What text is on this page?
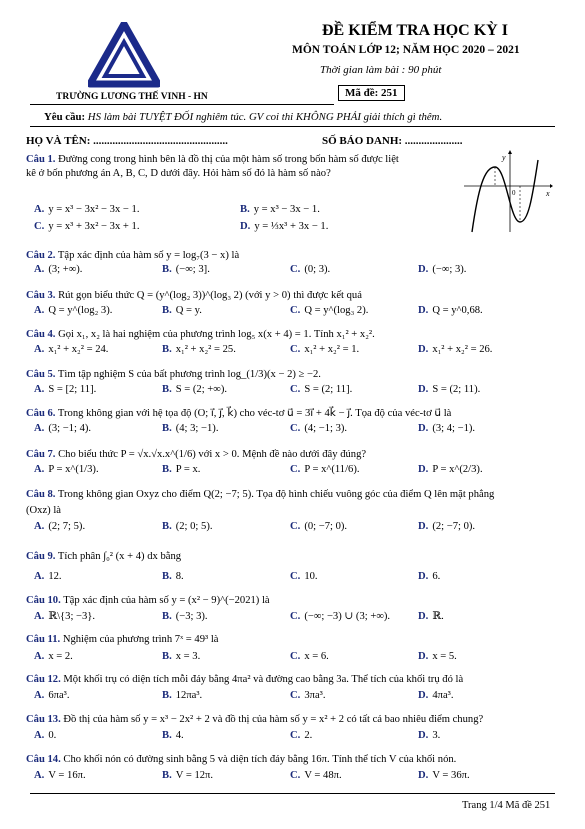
ĐỀ KIỂM TRA HỌC KỲ I
MÔN TOÁN LỚP 12; NĂM HỌC 2020 – 2021
Thời gian làm bài : 90 phút
TRƯỜNG LƯƠNG THẾ VINH - HN	Mã đề: 251
Yêu cầu: HS làm bài TUYỆT ĐỐI nghiêm túc. GV coi thi KHÔNG PHẢI giải thích gì thêm.
HỌ VÀ TÊN: .................................................	SỐ BÁO DANH: .....................
y
x
0
Câu 1. Đường cong trong hình bên là đồ thị của một hàm số trong bốn hàm số được liệt
kê ở bốn phương án A, B, C, D dưới đây. Hỏi hàm số đó là hàm số nào?
A. y = x³ − 3x² − 3x − 1.	B. y = x³ − 3x − 1.
C. y = x³ + 3x² − 3x + 1.	D. y = ⅓x³ + 3x − 1.
Câu 2. Tập xác định của hàm số y = log₇(3 − x) là
A. (3; +∞).	B. (−∞; 3].	C. (0; 3).	D. (−∞; 3).
Câu 3. Rút gọn biểu thức Q = (y^(log₂ 3))^(log₃ 2) (với y > 0) thì được kết quả
A. Q = y^(log₂ 3).	B. Q = y.	C. Q = y^(log₃ 2).	D. Q = y^0,68.
Câu 4. Gọi x₁, x₂ là hai nghiệm của phương trình log₅ x(x + 4) = 1. Tính x₁² + x₂².
A. x₁² + x₂² = 24.	B. x₁² + x₂² = 25.	C. x₁² + x₂² = 1.	D. x₁² + x₂² = 26.
Câu 5. Tìm tập nghiệm S của bất phương trình log_(1/3)(x − 2) ≥ −2.
A. S = [2; 11].	B. S = (2; +∞).	C. S = (2; 11].	D. S = (2; 11).
Câu 6. Trong không gian với hệ tọa độ (O; i⃗, j⃗, k⃗) cho véc-tơ u⃗ = 3i⃗ + 4k⃗ − j⃗. Tọa độ của véc-tơ u⃗ là
A. (3; −1; 4).	B. (4; 3; −1).	C. (4; −1; 3).	D. (3; 4; −1).
Câu 7. Cho biểu thức P = √x.√x.x^(1/6) với x > 0. Mệnh đề nào dưới đây đúng?
A. P = x^(1/3).	B. P = x.	C. P = x^(11/6).	D. P = x^(2/3).
Câu 8. Trong không gian Oxyz cho điểm Q(2; −7; 5). Tọa độ hình chiếu vuông góc của điểm Q lên mặt phẳng
(Oxz) là
A. (2; 7; 5).	B. (2; 0; 5).	C. (0; −7; 0).	D. (2; −7; 0).
Câu 9. Tích phân ∫₀² (x + 4) dx bằng
A. 12.	B. 8.	C. 10.	D. 6.
Câu 10. Tập xác định của hàm số y = (x² − 9)^(−2021) là
A. ℝ\{3; −3}.	B. (−3; 3).	C. (−∞; −3) ∪ (3; +∞).	D. ℝ.
Câu 11. Nghiệm của phương trình 7ˣ = 49³ là
A. x = 2.	B. x = 3.	C. x = 6.	D. x = 5.
Câu 12. Một khối trụ có diện tích mỗi đáy bằng 4πa² và đường cao bằng 3a. Thể tích của khối trụ đó là
A. 6πa³.	B. 12πa³.	C. 3πa³.	D. 4πa³.
Câu 13. Đồ thị của hàm số y = x³ − 2x² + 2 và đồ thị của hàm số y = x² + 2 có tất cả bao nhiêu điểm chung?
A. 0.	B. 4.	C. 2.	D. 3.
Câu 14. Cho khối nón có đường sinh bằng 5 và diện tích đáy bằng 16π. Tính thể tích V của khối nón.
A. V = 16π.	B. V = 12π.	C. V = 48π.	D. V = 36π.
Trang 1/4 Mã đề 251
